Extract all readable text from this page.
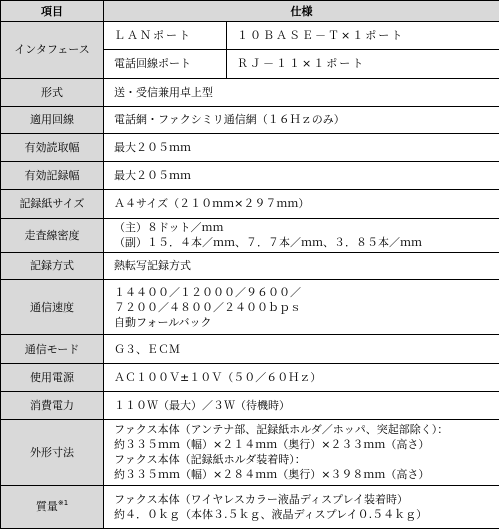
項目	仕様	
インタフェース	ＬＡＮポート	１０ＢＡＳＥ－Ｔ×１ポート
	電話回線ポート	ＲＪ－１１×１ポート
形式	送・受信兼用卓上型	

適用回線	電話網・ファクシミリ通信網（１６Ｈｚのみ）	

有効読取幅	最大２０５ｍｍ	

有効記録幅	最大２０５ｍｍ	

記録紙サイズ	Ａ４サイズ（２１０ｍｍ×２９７ｍｍ）	

走査線密度	（主）８ドット／ｍｍ
（副）１５．４本／ｍｍ、７．７本／ｍｍ、３．８５本／ｍｍ	

記録方式	熱転写記録方式	

通信速度	１４４００／１２０００／９６００／
７２００／４８００／２４００ｂｐｓ
自動フォールバック	

通信モード	Ｇ３、ＥＣＭ	

使用電源	ＡＣ１００Ｖ±１０Ｖ（５０／６０Ｈｚ）	

消費電力	１１０Ｗ（最大）／３Ｗ（待機時）	

外形寸法	ファクス本体（アンテナ部、記録紙ホルダ／ホッパ、突起部除く）：
約３３５ｍｍ（幅）×２１４ｍｍ（奥行）×２３３ｍｍ（高さ）
ファクス本体（記録紙ホルダ装着時）：
約３３５ｍｍ（幅）×２８４ｍｍ（奥行）×３９８ｍｍ（高さ）	

質量$^{※1}$	ファクス本体（ワイヤレスカラー液晶ディスプレイ装着時）
約４．０ｋｇ（本体３.５ｋｇ、液晶ディスプレイ０.５４ｋｇ）	
